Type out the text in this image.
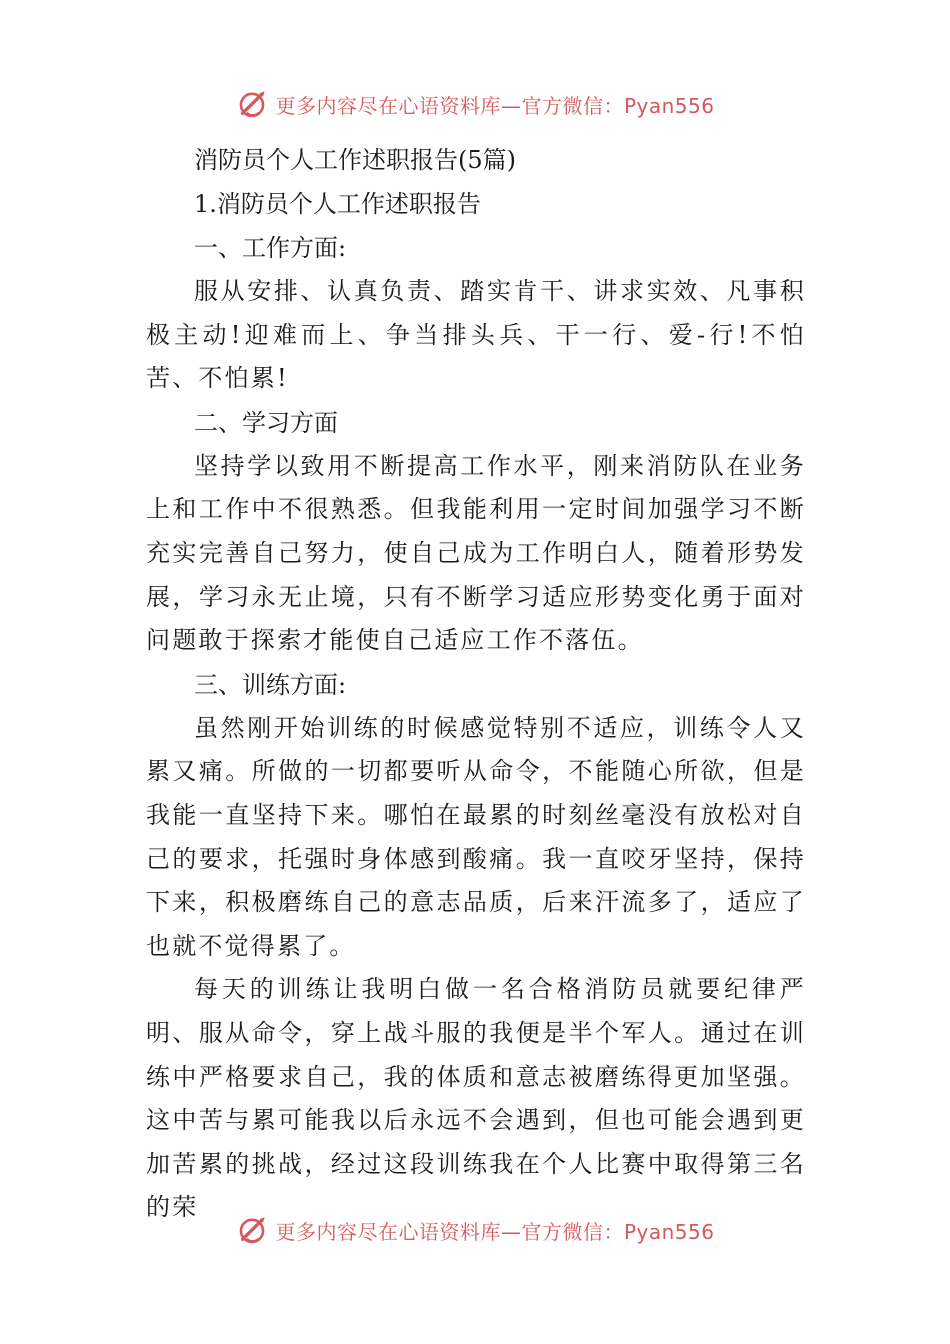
更多内容尽在心语资料库—官方微信：Pyan556
消防员个人工作述职报告(5篇)
1.消防员个人工作述职报告
一、工作方面:

服从安排、认真负责、踏实肯干、讲求实效、凡事积极主动!迎难而上、争当排头兵、干一行、爱-行!不怕苦、不怕累!

二、学习方面

坚持学以致用不断提高工作水平，刚来消防队在业务上和工作中不很熟悉。但我能利用一定时间加强学习不断充实完善自己努力，使自己成为工作明白人，随着形势发展，学习永无止境，只有不断学习适应形势变化勇于面对问题敢于探索才能使自己适应工作不落伍。

三、训练方面:

虽然刚开始训练的时候感觉特别不适应，训练令人又累又痛。所做的一切都要听从命令，不能随心所欲，但是我能一直坚持下来。哪怕在最累的时刻丝毫没有放松对自己的要求，托强时身体感到酸痛。我一直咬牙坚持，保持下来，积极磨练自己的意志品质，后来汗流多了，适应了也就不觉得累了。

每天的训练让我明白做一名合格消防员就要纪律严明、服从命令，穿上战斗服的我便是半个军人。通过在训练中严格要求自己，我的体质和意志被磨练得更加坚强。这中苦与累可能我以后永远不会遇到，但也可能会遇到更加苦累的挑战，经过这段训练我在个人比赛中取得第三名的荣

更多内容尽在心语资料库—官方微信：Pyan556
